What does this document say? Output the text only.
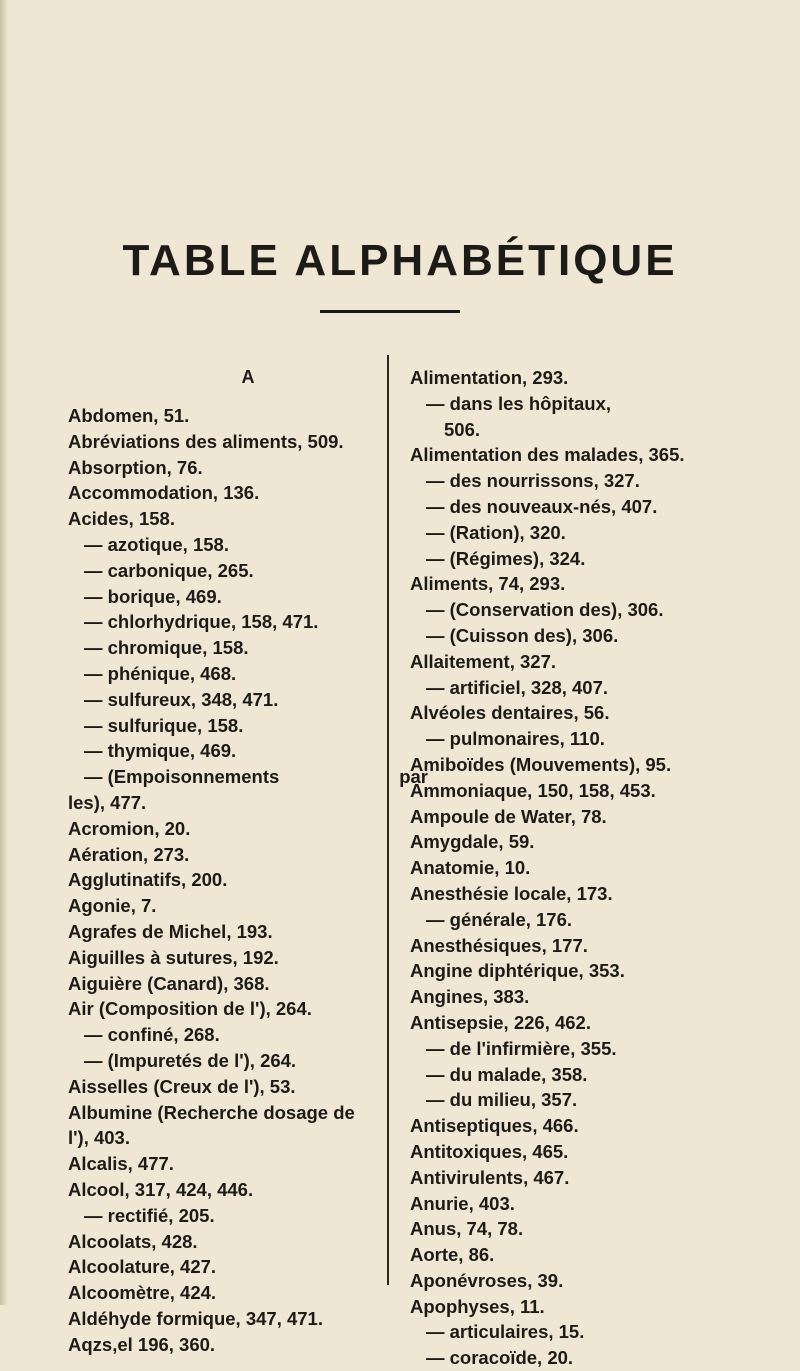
TABLE ALPHABÉTIQUE
A
Abdomen, 51.
Abréviations des aliments, 509.
Absorption, 76.
Accommodation, 136.
Acides, 158.
— azotique, 158.
— carbonique, 265.
— borique, 469.
— chlorhydrique, 158, 471.
— chromique, 158.
— phénique, 468.
— sulfureux, 348, 471.
— sulfurique, 158.
— thymique, 469.
— (Empoisonnements	par
les), 477.
Acromion, 20.
Aération, 273.
Agglutinatifs, 200.
Agonie, 7.
Agrafes de Michel, 193.
Aiguilles à sutures, 192.
Aiguière (Canard), 368.
Air (Composition de l'), 264.
— confiné, 268.
— (Impuretés de l'), 264.
Aisselles (Creux de l'), 53.
Albumine (Recherche dosage de
l'), 403.
Alcalis, 477.
Alcool, 317, 424, 446.
— rectifié, 205.
Alcoolats, 428.
Alcoolature, 427.
Alcoomètre, 424.
Aldéhyde formique, 347, 471.
Aqzs,el 196, 360.
Alimentation, 293.
— dans les hôpitaux,
506.
Alimentation des malades, 365.
— des nourrissons, 327.
— des nouveaux-nés, 407.
— (Ration), 320.
— (Régimes), 324.
Aliments, 74, 293.
— (Conservation des), 306.
— (Cuisson des), 306.
Allaitement, 327.
— artificiel, 328, 407.
Alvéoles dentaires, 56.
— pulmonaires, 110.
Amiboïdes (Mouvements), 95.
Ammoniaque, 150, 158, 453.
Ampoule de Water, 78.
Amygdale, 59.
Anatomie, 10.
Anesthésie locale, 173.
— générale, 176.
Anesthésiques, 177.
Angine diphtérique, 353.
Angines, 383.
Antisepsie, 226, 462.
— de l'infirmière, 355.
— du malade, 358.
— du milieu, 357.
Antiseptiques, 466.
Antitoxiques, 465.
Antivirulents, 467.
Anurie, 403.
Anus, 74, 78.
Aorte, 86.
Aponévroses, 39.
Apophyses, 11.
— articulaires, 15.
— coracoïde, 20.
